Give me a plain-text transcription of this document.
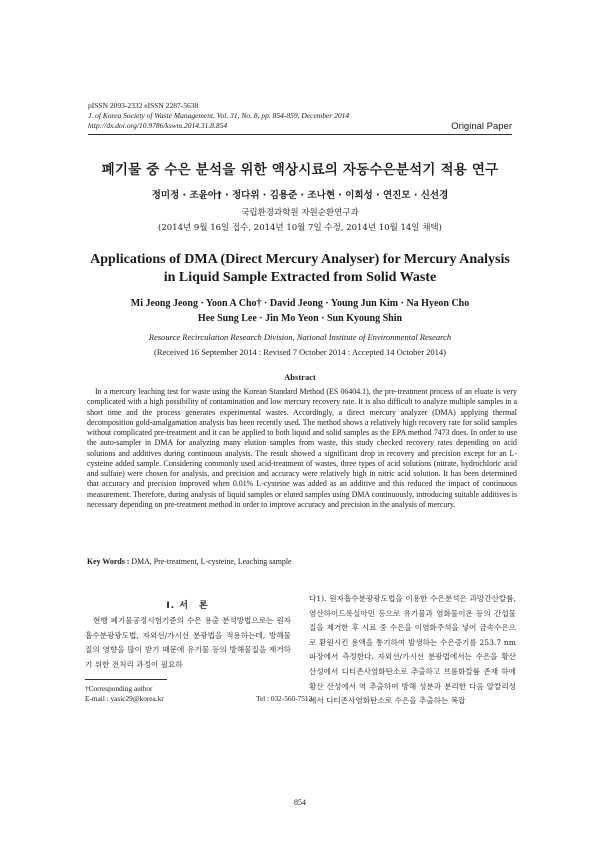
pISSN 2093-2332 eISSN 2287-5638
J. of Korea Society of Waste Management, Vol. 31, No. 8, pp. 854-859, December 2014
http://dx.doi.org/10.9786/kswm.2014.31.8.854	Original Paper
폐기물 중 수은 분석을 위한 액상시료의 자동수은분석기 적용 연구
정미정 · 조윤아† · 정다위 · 김용준 · 조나현 · 이희성 · 연진모 · 신선경
국립환경과학원 자원순환연구과
(2014년 9월 16일 접수, 2014년 10월 7일 수정, 2014년 10월 14일 채택)
Applications of DMA (Direct Mercury Analyser) for Mercury Analysis
in Liquid Sample Extracted from Solid Waste
Mi Jeong Jeong · Yoon A Cho† · David Jeong · Young Jun Kim · Na Hyeon Cho
Hee Sung Lee · Jin Mo Yeon · Sun Kyoung Shin
Resource Recirculation Research Division, National Institute of Environmental Research
(Received 16 September 2014 : Revised 7 October 2014 : Accepted 14 October 2014)
Abstract
In a mercury leaching test for waste using the Korean Standard Method (ES 06404.1), the pre-treatment process of an eluate is very complicated with a high possibility of contamination and low mercury recovery rate. It is also difficult to analyze multiple samples in a short time and the process generates experimental wastes. Accordingly, a direct mercury analyzer (DMA) applying thermal decomposition gold-amalgamation analysis has been recently used. The method shows a relatively high recovery rate for solid samples without complicated pre-treatment and it can be applied to both liquid and solid samples as the EPA method 7473 does. In order to use the auto-sampler in DMA for analyzing many elution samples from waste, this study checked recovery rates depending on acid solutions and additives during continuous analysis. The result showed a significant drop in recovery and precision except for an L-cysteine added sample. Considering commonly used acid-treatment of wastes, three types of acid solutions (nitrate, hydrochloric acid and sulfate) were chosen for analysis, and precision and accuracy were relatively high in nitric acid solution. It has been determined that accuracy and precision improved when 0.01% L-cysteine was added as an additive and this reduced the impact of continuous measurement. Therefore, during analysis of liquid samples or eluted samples using DMA continuously, introducing suitable additives is necessary depending on pre-treatment method in order to improve accuracy and precision in the analysis of mercury.
Key Words : DMA, Pre-treatment, L-cysteine, Leaching sample
I. 서　론
현행 폐기물공정시험기준의 수은 용출 분석방법으로는 원자흡수분광광도법, 자외선/가시선 분광법을 적용하는데, 방해물질의 영향을 많이 받기 때문에 유기물 등의 방해물질을 제거하기 위한 전처리 과정이 필요하
다1). 원자흡수분광광도법을 이용한 수은분석은 과망간산칼륨, 염산하이드록실아민 등으로 유기물과 염화물이온 등의 간섭물질을 제거한 후 시료 중 수은을 이염화주석을 넣어 금속수은으로 환원시킨 용액을 통기하여 발생하는 수은증기를 253.7 nm 파장에서 측정한다. 자외선/가시선 분광법에서는 수은을 황산 산성에서 디티존사염화탄소로 추출하고 브롬화칼륨 존재 하에 황산 산성에서 역 추출하여 방해 성분과 분리한 다음 알칼리성에서 디티존사염화탄소로 수은을 추출하는 복잡
†Corresponding author
E-mail : yasic29@korea.kr	Tel : 032-560-7513
854
